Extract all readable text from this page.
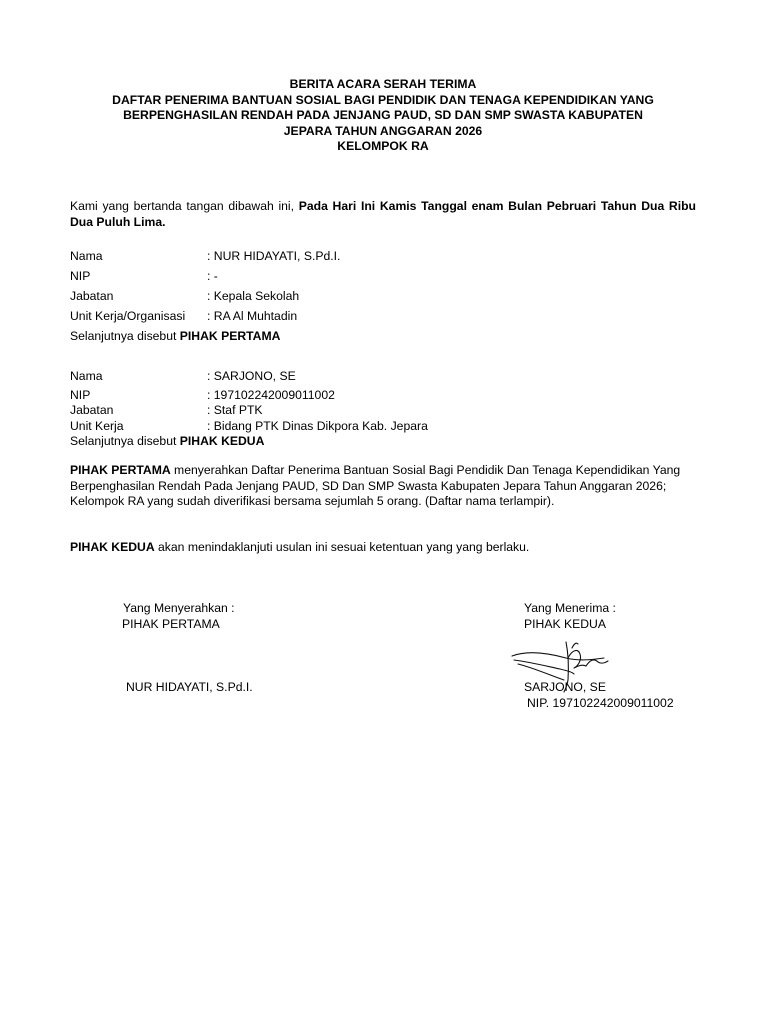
BERITA ACARA SERAH TERIMA
DAFTAR PENERIMA BANTUAN SOSIAL BAGI PENDIDIK DAN TENAGA KEPENDIDIKAN YANG
BERPENGHASILAN RENDAH PADA JENJANG PAUD, SD DAN SMP SWASTA KABUPATEN
JEPARA TAHUN ANGGARAN 2026
KELOMPOK RA
Kami yang bertanda tangan dibawah ini, Pada Hari Ini Kamis Tanggal enam Bulan Pebruari Tahun Dua Ribu Dua Puluh Lima.
Nama	: NUR HIDAYATI, S.Pd.I.
NIP	: -
Jabatan	: Kepala Sekolah
Unit Kerja/Organisasi : RA Al Muhtadin
Selanjutnya disebut PIHAK PERTAMA
Nama	: SARJONO, SE
NIP	: 197102242009011002
Jabatan	: Staf PTK
Unit Kerja	: Bidang PTK Dinas Dikpora Kab. Jepara
Selanjutnya disebut PIHAK KEDUA
PIHAK PERTAMA menyerahkan Daftar Penerima Bantuan Sosial Bagi Pendidik Dan Tenaga Kependidikan Yang Berpenghasilan Rendah Pada Jenjang PAUD, SD Dan SMP Swasta Kabupaten Jepara Tahun Anggaran 2026; Kelompok RA yang sudah diverifikasi bersama sejumlah 5 orang. (Daftar nama terlampir).
PIHAK KEDUA akan menindaklanjuti usulan ini sesuai ketentuan yang yang berlaku.
Yang Menyerahkan :
PIHAK PERTAMA
NUR HIDAYATI, S.Pd.I.
Yang Menerima :
PIHAK KEDUA
SARJONO, SE
NIP. 197102242009011002
